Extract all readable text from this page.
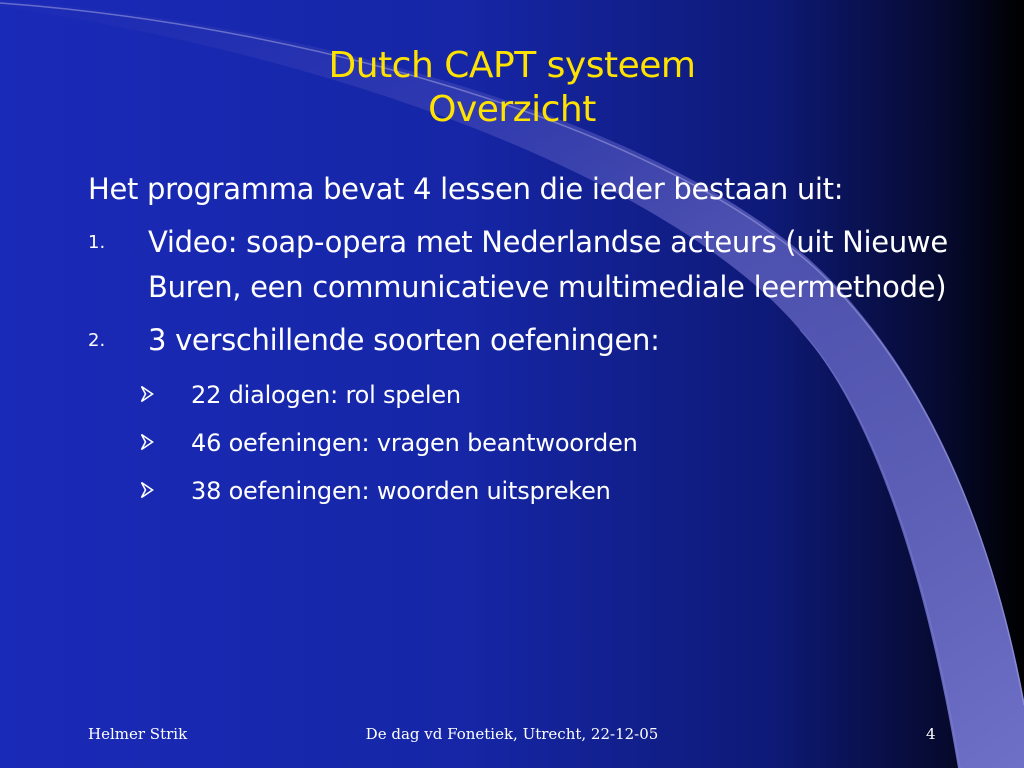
Dutch CAPT systeem
Overzicht
Het programma bevat 4 lessen die ieder bestaan uit:
1. Video: soap-opera met Nederlandse acteurs (uit Nieuwe Buren, een communicatieve multimediale leermethode)
2. 3 verschillende soorten oefeningen:
22 dialogen: rol spelen
46 oefeningen: vragen beantwoorden
38 oefeningen: woorden uitspreken
Helmer Strik	De dag vd Fonetiek, Utrecht, 22-12-05	4
